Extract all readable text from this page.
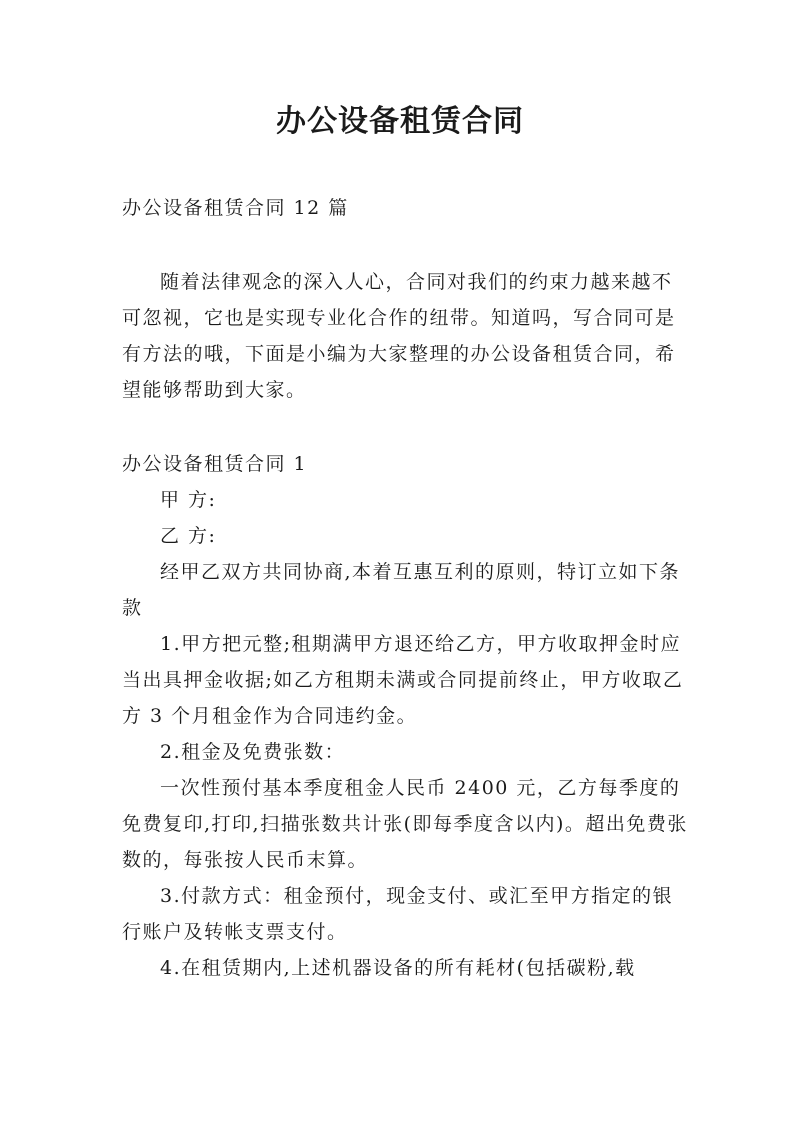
办公设备租赁合同

办公设备租赁合同 12 篇

随着法律观念的深入人心，合同对我们的约束力越来越不可忽视，它也是实现专业化合作的纽带。知道吗，写合同可是有方法的哦，下面是小编为大家整理的办公设备租赁合同，希望能够帮助到大家。

办公设备租赁合同 1

甲 方:

乙 方:

经甲乙双方共同协商,本着互惠互利的原则，特订立如下条款

1.甲方把元整;租期满甲方退还给乙方，甲方收取押金时应当出具押金收据;如乙方租期未满或合同提前终止，甲方收取乙方 3 个月租金作为合同违约金。

2.租金及免费张数：

一次性预付基本季度租金人民币 2400 元，乙方每季度的免费复印,打印,扫描张数共计张(即每季度含以内)。超出免费张数的，每张按人民币末算。

3.付款方式：租金预付，现金支付、或汇至甲方指定的银行账户及转帐支票支付。

4.在租赁期内,上述机器设备的所有耗材(包括碳粉,载
